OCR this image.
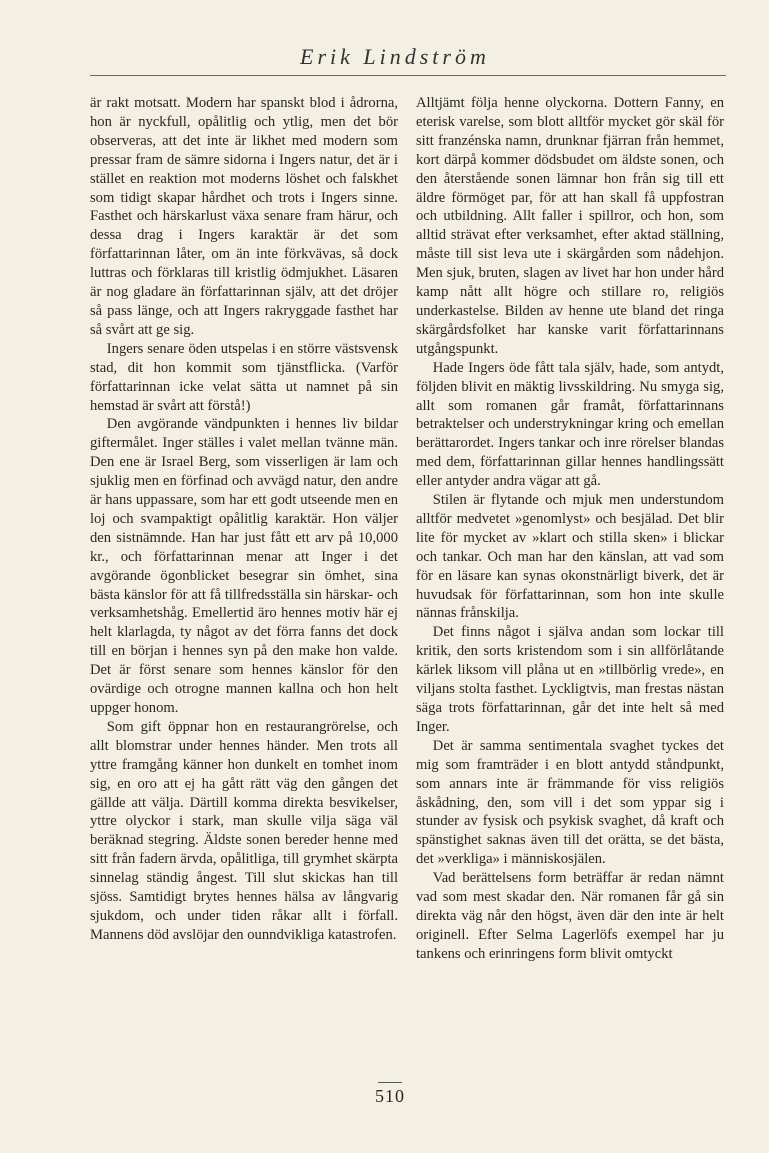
Erik Lindström

är rakt motsatt. Modern har spanskt blod i ådrorna, hon är nyckfull, opålitlig och ytlig, men det bör observeras, att det inte är likhet med modern som pressar fram de sämre sidorna i Ingers natur, det är i stället en reaktion mot moderns löshet och falskhet som tidigt skapar hårdhet och trots i Ingers sinne. Fasthet och härskarlust växa senare fram härur, och dessa drag i Ingers karaktär är det som författarinnan låter, om än inte förkvävas, så dock luttras och förklaras till kristlig ödmjukhet. Läsaren är nog gladare än författarinnan själv, att det dröjer så pass länge, och att Ingers rakryggade fasthet har så svårt att ge sig.

Ingers senare öden utspelas i en större västsvensk stad, dit hon kommit som tjänstflicka. (Varför författarinnan icke velat sätta ut namnet på sin hemstad är svårt att förstå!)

Den avgörande vändpunkten i hennes liv bildar giftermålet. Inger ställes i valet mellan tvänne män. Den ene är Israel Berg, som visserligen är lam och sjuklig men en förfinad och avvägd natur, den andre är hans uppassare, som har ett godt utseende men en loj och svampaktigt opålitlig karaktär. Hon väljer den sistnämnde. Han har just fått ett arv på 10,000 kr., och författarinnan menar att Inger i det avgörande ögonblicket besegrar sin ömhet, sina bästa känslor för att få tillfredsställa sin härskar- och verksamhetshåg. Emellertid äro hennes motiv här ej helt klarlagda, ty något av det förra fanns det dock till en början i hennes syn på den make hon valde. Det är först senare som hennes känslor för den ovärdige och otrogne mannen kallna och hon helt uppger honom.

Som gift öppnar hon en restaurangrörelse, och allt blomstrar under hennes händer. Men trots all yttre framgång känner hon dunkelt en tomhet inom sig, en oro att ej ha gått rätt väg den gången det gällde att välja. Därtill komma direkta besvikelser, yttre olyckor i stark, man skulle vilja säga väl beräknad stegring. Äldste sonen bereder henne med sitt från fadern ärvda, opålitliga, till grymhet skärpta sinnelag ständig ångest. Till slut skickas han till sjöss. Samtidigt brytes hennes hälsa av långvarig sjukdom, och under tiden råkar allt i förfall. Mannens död avslöjar den ounndvikliga katastrofen.

Alltjämt följa henne olyckorna. Dottern Fanny, en eterisk varelse, som blott alltför mycket gör skäl för sitt franzénska namn, drunknar fjärran från hemmet, kort därpå kommer dödsbudet om äldste sonen, och den återstående sonen lämnar hon från sig till ett äldre förmöget par, för att han skall få uppfostran och utbildning. Allt faller i spillror, och hon, som alltid strävat efter verksamhet, efter aktad ställning, måste till sist leva ute i skärgården som nådehjon. Men sjuk, bruten, slagen av livet har hon under hård kamp nått allt högre och stillare ro, religiös underkastelse. Bilden av henne ute bland det ringa skärgårdsfolket har kanske varit författarinnans utgångspunkt.

Hade Ingers öde fått tala själv, hade, som antydt, följden blivit en mäktig livsskildring. Nu smyga sig, allt som romanen går framåt, författarinnans betraktelser och understrykningar kring och emellan berättarordet. Ingers tankar och inre rörelser blandas med dem, författarinnan gillar hennes handlingssätt eller antyder andra vägar att gå.

Stilen är flytande och mjuk men understundom alltför medvetet »genomlyst» och besjälad. Det blir lite för mycket av »klart och stilla sken» i blickar och tankar. Och man har den känslan, att vad som för en läsare kan synas okonstnärligt biverk, det är huvudsak för författarinnan, som hon inte skulle nännas frånskilja.

Det finns något i själva andan som lockar till kritik, den sorts kristendom som i sin allförlåtande kärlek liksom vill plåna ut en »tillbörlig vrede», en viljans stolta fasthet. Lyckligtvis, man frestas nästan säga trots författarinnan, går det inte helt så med Inger.

Det är samma sentimentala svaghet tyckes det mig som framträder i en blott antydd ståndpunkt, som annars inte är främmande för viss religiös åskådning, den, som vill i det som yppar sig i stunder av fysisk och psykisk svaghet, då kraft och spänstighet saknas även till det orätta, se det bästa, det »verkliga» i människosjälen.

Vad berättelsens form beträffar är redan nämnt vad som mest skadar den. När romanen får gå sin direkta väg når den högst, även där den inte är helt originell. Efter Selma Lagerlöfs exempel har ju tankens och erinringens form blivit omtyckt

510
